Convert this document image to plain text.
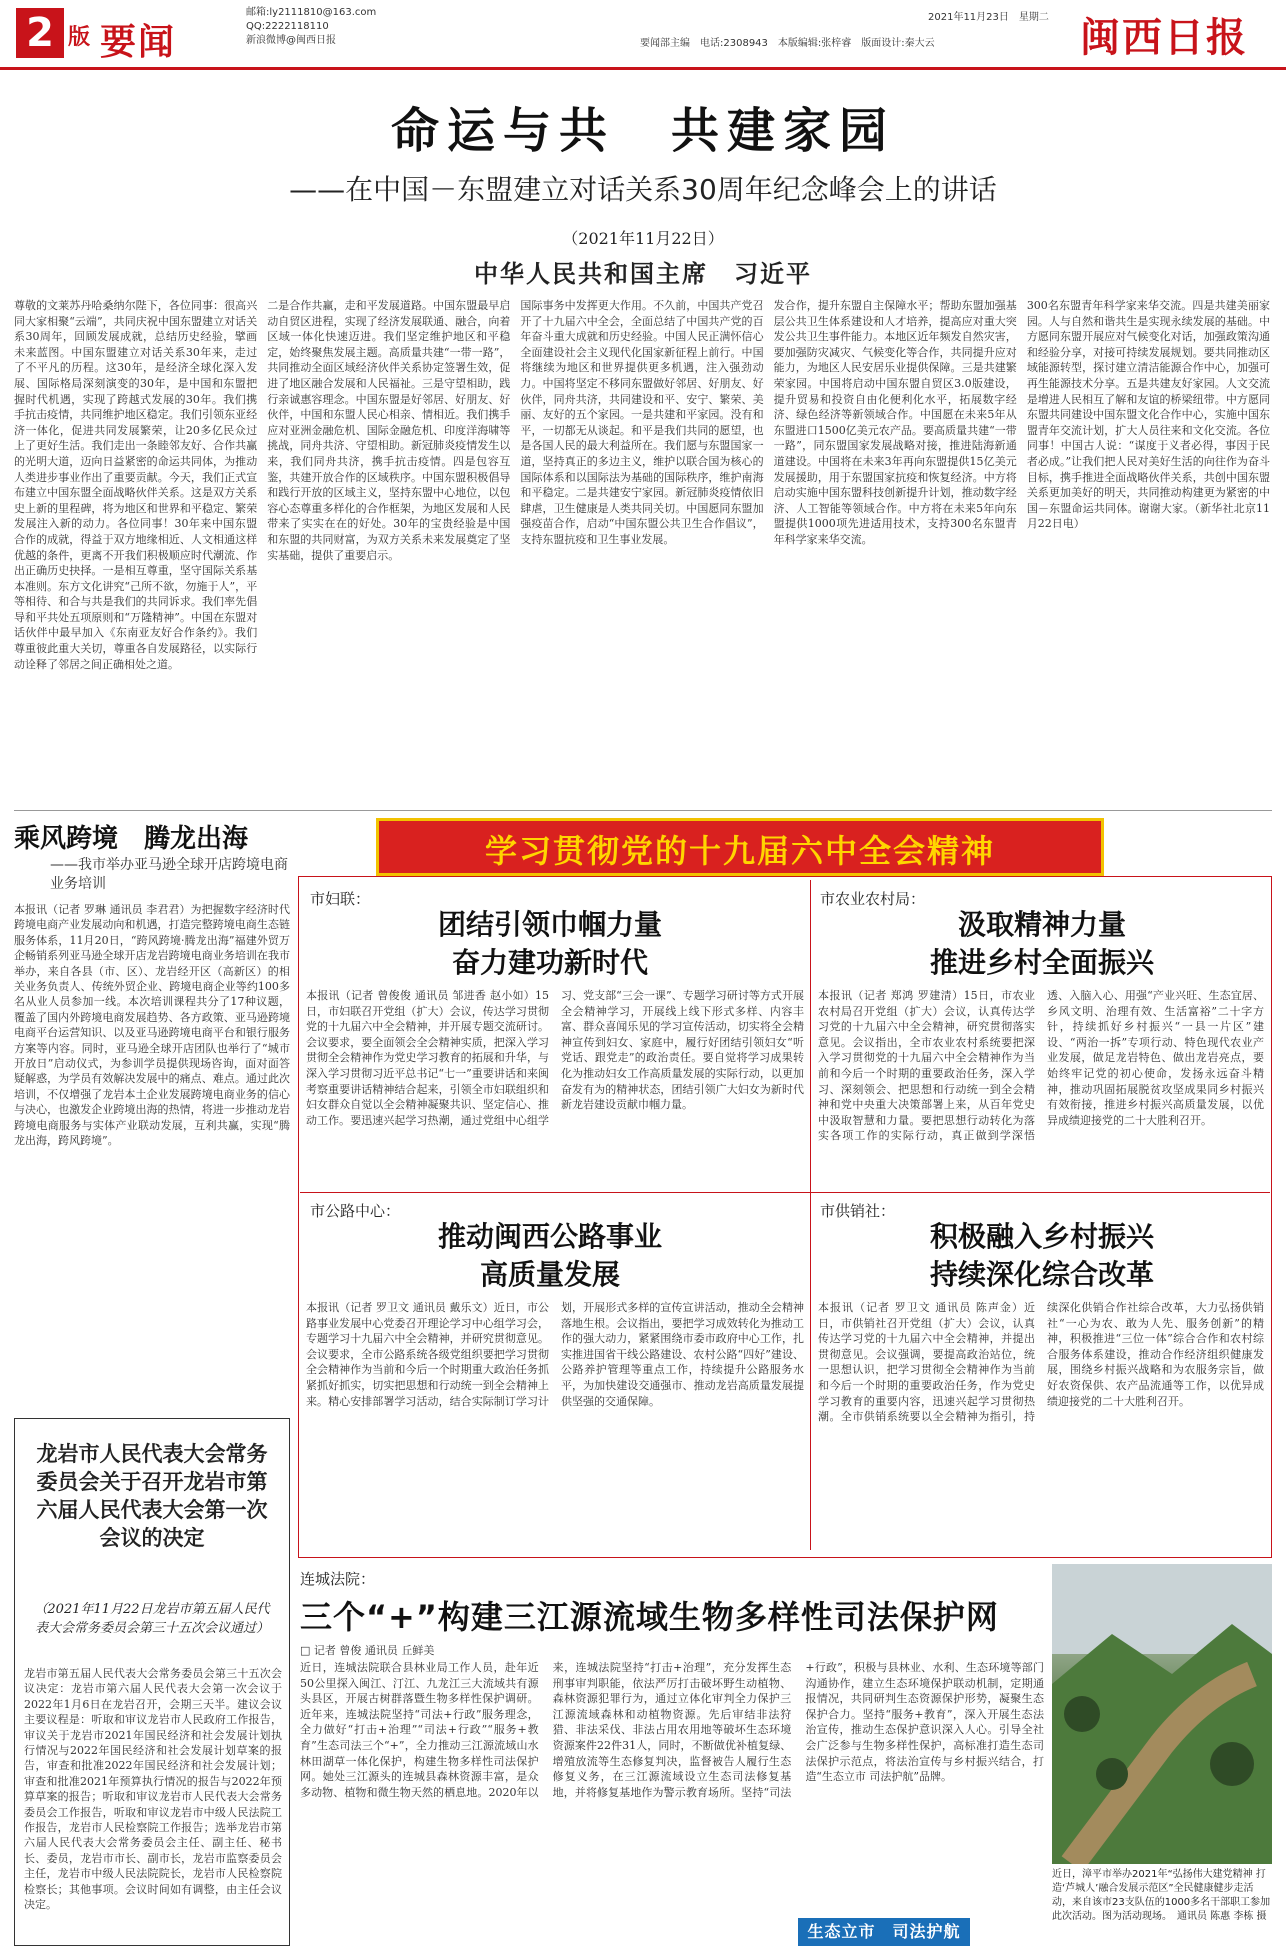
2 版 要闻
邮箱:ly2111810@163.com
QQ:2222118110
新浪微博@闽西日报
2021年11月23日　星期二
要闻部主编　电话:2308943　本版编辑:张梓睿　版面设计:秦大云	闽西日报
命运与共　共建家园
——在中国－东盟建立对话关系30周年纪念峰会上的讲话
（2021年11月22日）
中华人民共和国主席　习近平
尊敬的文莱苏丹哈桑纳尔陛下，各位同事：很高兴同大家相聚“云端”，共同庆祝中国东盟建立对话关系30周年，回顾发展成就，总结历史经验，擘画未来蓝图。中国东盟建立对话关系30年来，走过了不平凡的历程。这30年，是经济全球化深入发展、国际格局深刻演变的30年，是中国和东盟把握时代机遇，实现了跨越式发展的30年。我们携手抗击疫情，共同维护地区稳定。我们引领东亚经济一体化，促进共同发展繁荣，让20多亿民众过上了更好生活。我们走出一条睦邻友好、合作共赢的光明大道，迈向日益紧密的命运共同体，为推动人类进步事业作出了重要贡献。今天，我们正式宣布建立中国东盟全面战略伙伴关系。这是双方关系史上新的里程碑，将为地区和世界和平稳定、繁荣发展注入新的动力。各位同事！30年来中国东盟合作的成就，得益于双方地缘相近、人文相通这样优越的条件，更离不开我们积极顺应时代潮流、作出正确历史抉择。一是相互尊重，坚守国际关系基本准则。东方文化讲究“己所不欲，勿施于人”，平等相待、和合与共是我们的共同诉求。我们率先倡导和平共处五项原则和“万隆精神”。中国在东盟对话伙伴中最早加入《东南亚友好合作条约》。我们尊重彼此重大关切，尊重各自发展路径，以实际行动诠释了邻居之间正确相处之道。
二是合作共赢，走和平发展道路。中国东盟最早启动自贸区进程，实现了经济发展联通、融合，向着区域一体化快速迈进。我们坚定维护地区和平稳定，始终聚焦发展主题。高质量共建“一带一路”，共同推动全面区域经济伙伴关系协定签署生效，促进了地区融合发展和人民福祉。三是守望相助，践行亲诚惠容理念。中国东盟是好邻居、好朋友、好伙伴，中国和东盟人民心相亲、情相近。我们携手应对亚洲金融危机、国际金融危机、印度洋海啸等挑战，同舟共济、守望相助。新冠肺炎疫情发生以来，我们同舟共济，携手抗击疫情。四是包容互鉴，共建开放合作的区域秩序。中国东盟积极倡导和践行开放的区域主义，坚持东盟中心地位，以包容心态尊重多样化的合作框架，为地区发展和人民带来了实实在在的好处。30年的宝贵经验是中国和东盟的共同财富，为双方关系未来发展奠定了坚实基础，提供了重要启示。
国际事务中发挥更大作用。不久前，中国共产党召开了十九届六中全会，全面总结了中国共产党的百年奋斗重大成就和历史经验。中国人民正满怀信心全面建设社会主义现代化国家新征程上前行。中国将继续为地区和世界提供更多机遇，注入强劲动力。中国将坚定不移同东盟做好邻居、好朋友、好伙伴，同舟共济，共同建设和平、安宁、繁荣、美丽、友好的五个家园。一是共建和平家园。没有和平，一切都无从谈起。和平是我们共同的愿望，也是各国人民的最大利益所在。我们愿与东盟国家一道，坚持真正的多边主义，维护以联合国为核心的国际体系和以国际法为基础的国际秩序，维护南海和平稳定。二是共建安宁家园。新冠肺炎疫情依旧肆虐，卫生健康是人类共同关切。中国愿同东盟加强疫苗合作，启动“中国东盟公共卫生合作倡议”，支持东盟抗疫和卫生事业发展。
发合作，提升东盟自主保障水平；帮助东盟加强基层公共卫生体系建设和人才培养，提高应对重大突发公共卫生事件能力。本地区近年频发自然灾害，要加强防灾减灾、气候变化等合作，共同提升应对能力，为地区人民安居乐业提供保障。三是共建繁荣家园。中国将启动中国东盟自贸区3.0版建设，提升贸易和投资自由化便利化水平，拓展数字经济、绿色经济等新领域合作。中国愿在未来5年从东盟进口1500亿美元农产品。要高质量共建“一带一路”，同东盟国家发展战略对接，推进陆海新通道建设。中国将在未来3年再向东盟提供15亿美元发展援助，用于东盟国家抗疫和恢复经济。中方将启动实施中国东盟科技创新提升计划，推动数字经济、人工智能等领域合作。中方将在未来5年向东盟提供1000项先进适用技术，支持300名东盟青年科学家来华交流。
300名东盟青年科学家来华交流。四是共建美丽家园。人与自然和谐共生是实现永续发展的基础。中方愿同东盟开展应对气候变化对话，加强政策沟通和经验分享，对接可持续发展规划。要共同推动区域能源转型，探讨建立清洁能源合作中心，加强可再生能源技术分享。五是共建友好家园。人文交流是增进人民相互了解和友谊的桥梁纽带。中方愿同东盟共同建设中国东盟文化合作中心，实施中国东盟青年交流计划，扩大人员往来和文化交流。各位同事！中国古人说：“谋度于义者必得，事因于民者必成。”让我们把人民对美好生活的向往作为奋斗目标，携手推进全面战略伙伴关系，共创中国东盟关系更加美好的明天，共同推动构建更为紧密的中国－东盟命运共同体。谢谢大家。（新华社北京11月22日电）
乘风跨境　腾龙出海
——我市举办亚马逊全球开店跨境电商业务培训
本报讯（记者 罗琳 通讯员 李君君）为把握数字经济时代跨境电商产业发展动向和机遇，打造完整跨境电商生态链服务体系，11月20日，“跨风跨境·腾龙出海”福建外贸万企畅销系列亚马逊全球开店龙岩跨境电商业务培训在我市举办，来自各县（市、区）、龙岩经开区（高新区）的相关业务负责人、传统外贸企业、跨境电商企业等约100多名从业人员参加一线。本次培训课程共分了17种议题，覆盖了国内外跨境电商发展趋势、各方政策、亚马逊跨境电商平台运营知识、以及亚马逊跨境电商平台和银行服务方案等内容。同时，亚马逊全球开店团队也举行了“城市开放日”启动仪式，为参训学员提供现场咨询，面对面答疑解惑，为学员有效解决发展中的痛点、难点。通过此次培训，不仅增强了龙岩本土企业发展跨境电商业务的信心与决心，也激发企业跨境出海的热情，将进一步推动龙岩跨境电商服务与实体产业联动发展，互利共赢，实现“腾龙出海，跨风跨境”。
龙岩市人民代表大会常务委员会关于召开龙岩市第六届人民代表大会第一次会议的决定
（2021年11月22日龙岩市第五届人民代表大会常务委员会第三十五次会议通过）
龙岩市第五届人民代表大会常务委员会第三十五次会议决定：龙岩市第六届人民代表大会第一次会议于2022年1月6日在龙岩召开，会期三天半。建议会议主要议程是：听取和审议龙岩市人民政府工作报告，审议关于龙岩市2021年国民经济和社会发展计划执行情况与2022年国民经济和社会发展计划草案的报告，审查和批准2022年国民经济和社会发展计划；审查和批准2021年预算执行情况的报告与2022年预算草案的报告；听取和审议龙岩市人民代表大会常务委员会工作报告，听取和审议龙岩市中级人民法院工作报告，龙岩市人民检察院工作报告；选举龙岩市第六届人民代表大会常务委员会主任、副主任、秘书长、委员，龙岩市市长、副市长，龙岩市监察委员会主任，龙岩市中级人民法院院长，龙岩市人民检察院检察长；其他事项。会议时间如有调整，由主任会议决定。
学习贯彻党的十九届六中全会精神
市妇联：
团结引领巾帼力量
奋力建功新时代
本报讯（记者 曾俊俊 通讯员 邹进香 赵小如）15日，市妇联召开党组（扩大）会议，传达学习贯彻党的十九届六中全会精神，并开展专题交流研讨。会议要求，要全面领会全会精神实质，把深入学习贯彻全会精神作为党史学习教育的拓展和升华，与深入学习贯彻习近平总书记“七一”重要讲话和来闽考察重要讲话精神结合起来，引领全市妇联组织和妇女群众自觉以全会精神凝聚共识、坚定信心、推动工作。要迅速兴起学习热潮，通过党组中心组学习、党支部“三会一课”、专题学习研讨等方式开展全会精神学习，开展线上线下形式多样、内容丰富、群众喜闻乐见的学习宣传活动，切实将全会精神宣传到妇女、家庭中，履行好团结引领妇女“听党话、跟党走”的政治责任。要自觉将学习成果转化为推动妇女工作高质量发展的实际行动，以更加奋发有为的精神状态，团结引领广大妇女为新时代新龙岩建设贡献巾帼力量。
市农业农村局：
汲取精神力量
推进乡村全面振兴
本报讯（记者 郑鸿 罗建清）15日，市农业农村局召开党组（扩大）会议，认真传达学习党的十九届六中全会精神，研究贯彻落实意见。会议指出，全市农业农村系统要把深入学习贯彻党的十九届六中全会精神作为当前和今后一个时期的重要政治任务，深入学习、深刻领会、把思想和行动统一到全会精神和党中央重大决策部署上来，从百年党史中汲取智慧和力量。要把思想行动转化为落实各项工作的实际行动，真正做到学深悟透、入脑入心、用强“产业兴旺、生态宜居、乡风文明、治理有效、生活富裕”二十字方针，持续抓好乡村振兴“一县一片区”建设、“两治一拆”专项行动、特色现代农业产业发展，做足龙岩特色、做出龙岩亮点，要始终牢记党的初心使命，发扬永远奋斗精神，推动巩固拓展脱贫攻坚成果同乡村振兴有效衔接，推进乡村振兴高质量发展，以优异成绩迎接党的二十大胜利召开。
市公路中心：
推动闽西公路事业
高质量发展
本报讯（记者 罗卫文 通讯员 戴乐文）近日，市公路事业发展中心党委召开理论学习中心组学习会，专题学习十九届六中全会精神，并研究贯彻意见。会议要求，全市公路系统各级党组织要把学习贯彻全会精神作为当前和今后一个时期重大政治任务抓紧抓好抓实，切实把思想和行动统一到全会精神上来。精心安排部署学习活动，结合实际制订学习计划，开展形式多样的宣传宣讲活动，推动全会精神落地生根。会议指出，要把学习成效转化为推动工作的强大动力，紧紧围绕市委市政府中心工作，扎实推进国省干线公路建设、农村公路“四好”建设、公路养护管理等重点工作，持续提升公路服务水平，为加快建设交通强市、推动龙岩高质量发展提供坚强的交通保障。
市供销社：
积极融入乡村振兴
持续深化综合改革
本报讯（记者 罗卫文 通讯员 陈声金）近日，市供销社召开党组（扩大）会议，认真传达学习党的十九届六中全会精神，并提出贯彻意见。会议强调，要提高政治站位，统一思想认识，把学习贯彻全会精神作为当前和今后一个时期的重要政治任务，作为党史学习教育的重要内容，迅速兴起学习贯彻热潮。全市供销系统要以全会精神为指引，持续深化供销合作社综合改革，大力弘扬供销社“一心为农、敢为人先、服务创新”的精神，积极推进“三位一体”综合合作和农村综合服务体系建设，推动合作经济组织健康发展，围绕乡村振兴战略和为农服务宗旨，做好农资保供、农产品流通等工作，以优异成绩迎接党的二十大胜利召开。
连城法院：
三个“+”构建三江源流域生物多样性司法保护网
□ 记者 曾俊 通讯员 丘鲜美
近日，连城法院联合县林业局工作人员，赴年近50公里探入闽江、汀江、九龙江三大流域共有源头县区，开展古树群落暨生物多样性保护调研。近年来，连城法院坚持“司法+行政”服务理念，全力做好“打击+治理”“司法+行政”“服务+教育”生态司法三个“+”，全力推动三江源流域山水林田湖草一体化保护，构建生物多样性司法保护网。她处三江源头的连城县森林资源丰富，是众多动物、植物和微生物天然的栖息地。2020年以来，连城法院坚持“打击+治理”，充分发挥生态刑事审判职能，依法严厉打击破坏野生动植物、森林资源犯罪行为，通过立体化审判全力保护三江源流域森林和动植物资源。先后审结非法狩猎、非法采伐、非法占用农用地等破坏生态环境资源案件22件31人，同时，不断做优补植复绿、增殖放流等生态修复判决，监督被告人履行生态修复义务，在三江源流域设立生态司法修复基地，并将修复基地作为警示教育场所。坚持“司法+行政”，积极与县林业、水利、生态环境等部门沟通协作，建立生态环境保护联动机制，定期通报情况，共同研判生态资源保护形势，凝聚生态保护合力。坚持“服务+教育”，深入开展生态法治宣传，推动生态保护意识深入人心。引导全社会广泛参与生物多样性保护，高标准打造生态司法保护示范点，将法治宣传与乡村振兴结合，打造“生态立市 司法护航”品牌。
生态立市　司法护航
近日，漳平市举办2021年“弘扬伟大建党精神 打造‘芦城人’融合发展示范区”全民健康健步走活动，来自该市23支队伍的1000多名干部职工参加此次活动。图为活动现场。　通讯员 陈惠 李栋 摄
